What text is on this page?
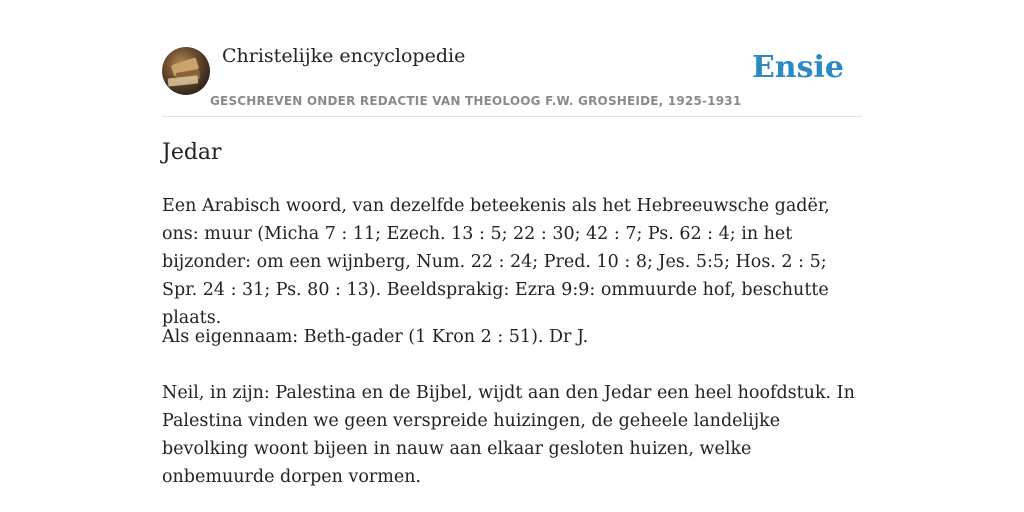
Christelijke encyclopedie
GESCHREVEN ONDER REDACTIE VAN THEOLOOG F.W. GROSHEIDE, 1925-1931
Ensie
Jedar

Een Arabisch woord, van dezelfde beteekenis als het Hebreeuwsche gadër, ons: muur (Micha 7 : 11; Ezech. 13 : 5; 22 : 30; 42 : 7; Ps. 62 : 4; in het bijzonder: om een wijnberg, Num. 22 : 24; Pred. 10 : 8; Jes. 5:5; Hos. 2 : 5; Spr. 24 : 31; Ps. 80 : 13). Beeldsprakig: Ezra 9:9: ommuurde hof, beschutte plaats.

Als eigennaam: Beth-gader (1 Kron 2 : 51). Dr J.

Neil, in zijn: Palestina en de Bijbel, wijdt aan den Jedar een heel hoofdstuk. In Palestina vinden we geen verspreide huizingen, de geheele landelijke bevolking woont bijeen in nauw aan elkaar gesloten huizen, welke onbemuurde dorpen vormen.
